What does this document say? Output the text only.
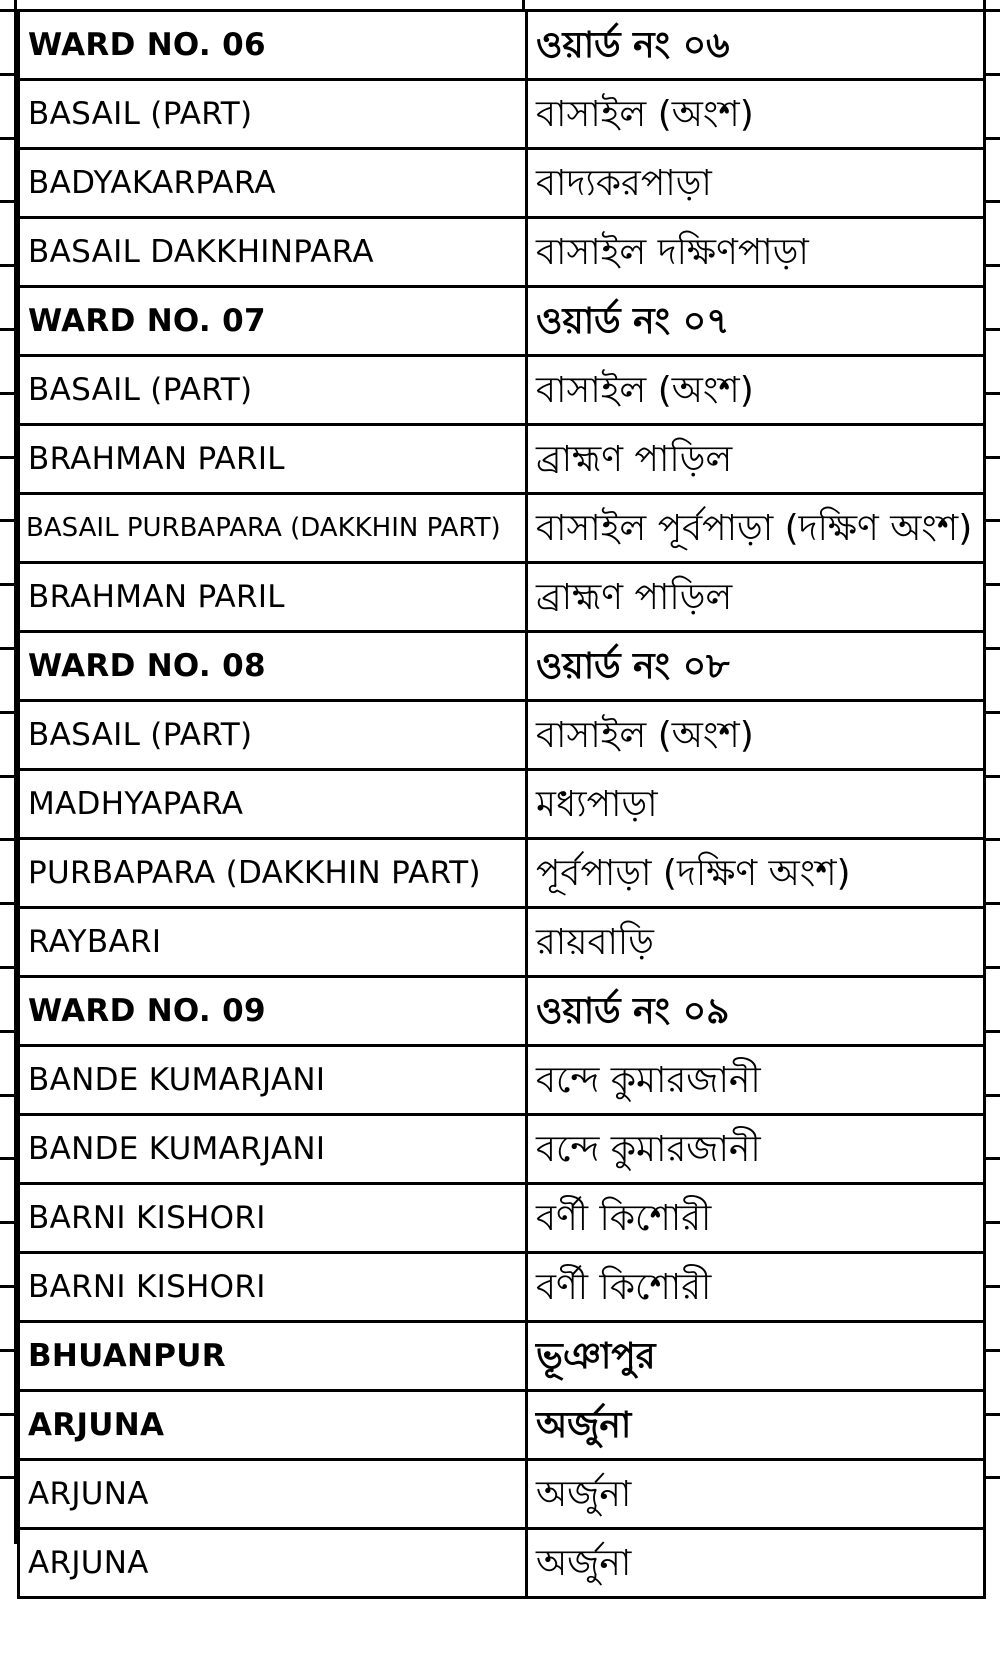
WARD NO. 06	ওয়ার্ড নং ০৬
BASAIL (PART)	বাসাইল (অংশ)
BADYAKARPARA	বাদ্যকরপাড়া
BASAIL DAKKHINPARA	বাসাইল দক্ষিণপাড়া
WARD NO. 07	ওয়ার্ড নং ০৭
BASAIL (PART)	বাসাইল (অংশ)
BRAHMAN PARIL	ব্রাহ্মণ পাড়িল
BASAIL PURBAPARA (DAKKHIN PART)	বাসাইল পূর্বপাড়া (দক্ষিণ অংশ)
BRAHMAN PARIL	ব্রাহ্মণ পাড়িল
WARD NO. 08	ওয়ার্ড নং ০৮
BASAIL (PART)	বাসাইল (অংশ)
MADHYAPARA	মধ্যপাড়া
PURBAPARA (DAKKHIN PART)	পূর্বপাড়া (দক্ষিণ অংশ)
RAYBARI	রায়বাড়ি
WARD NO. 09	ওয়ার্ড নং ০৯
BANDE KUMARJANI	বন্দে কুমারজানী
BANDE KUMARJANI	বন্দে কুমারজানী
BARNI KISHORI	বর্ণী কিশোরী
BARNI KISHORI	বর্ণী কিশোরী
BHUANPUR	ভূঞাপুর
ARJUNA	অর্জুনা
ARJUNA	অর্জুনা
ARJUNA	অর্জুনা
